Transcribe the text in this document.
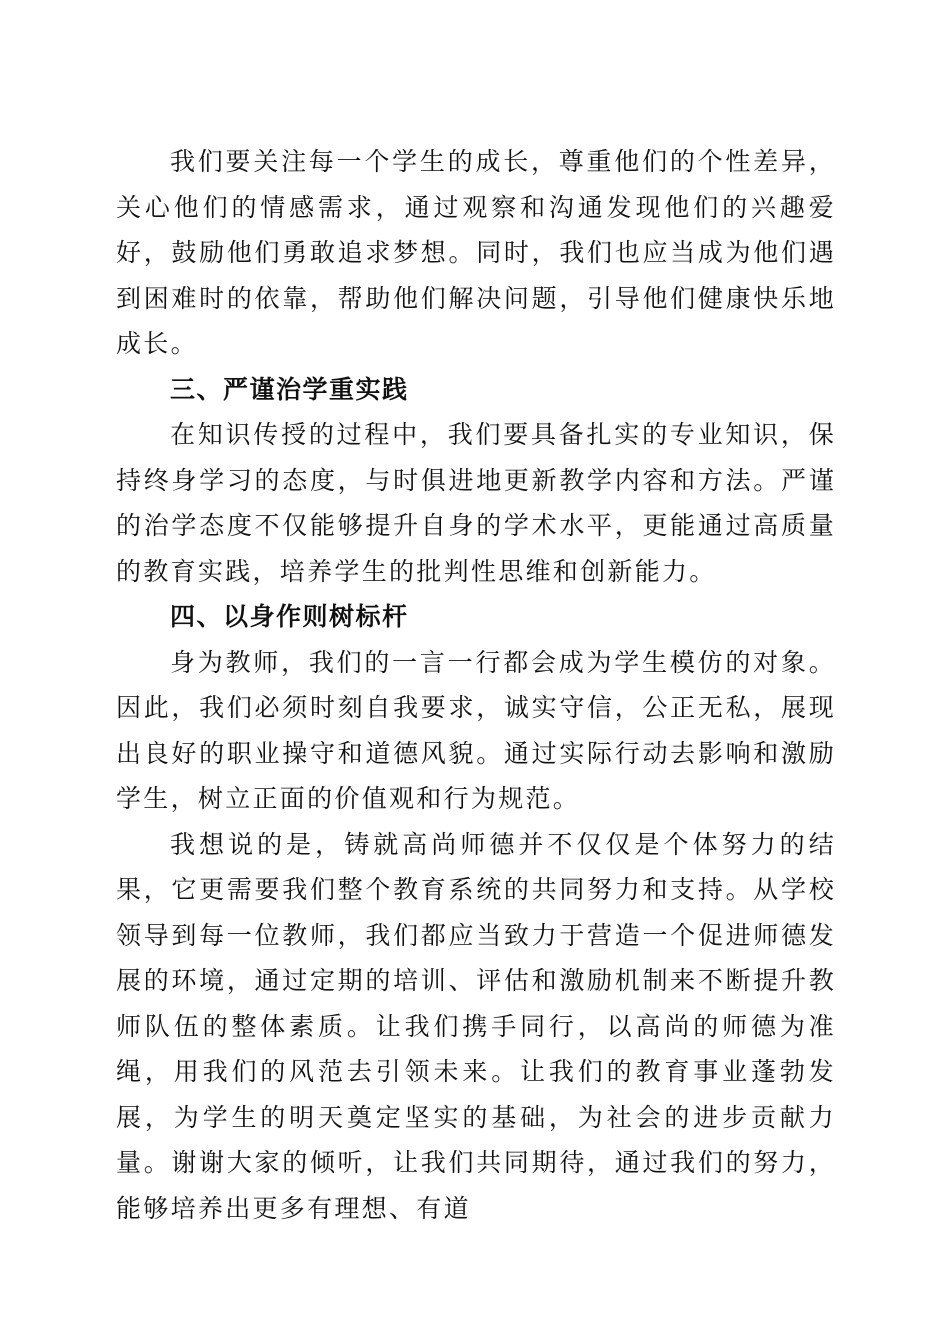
我们要关注每一个学生的成长，尊重他们的个性差异，关心他们的情感需求，通过观察和沟通发现他们的兴趣爱好，鼓励他们勇敢追求梦想。同时，我们也应当成为他们遇到困难时的依靠，帮助他们解决问题，引导他们健康快乐地成长。

三、严谨治学重实践

在知识传授的过程中，我们要具备扎实的专业知识，保持终身学习的态度，与时俱进地更新教学内容和方法。严谨的治学态度不仅能够提升自身的学术水平，更能通过高质量的教育实践，培养学生的批判性思维和创新能力。

四、以身作则树标杆

身为教师，我们的一言一行都会成为学生模仿的对象。因此，我们必须时刻自我要求，诚实守信，公正无私，展现出良好的职业操守和道德风貌。通过实际行动去影响和激励学生，树立正面的价值观和行为规范。

我想说的是，铸就高尚师德并不仅仅是个体努力的结果，它更需要我们整个教育系统的共同努力和支持。从学校领导到每一位教师，我们都应当致力于营造一个促进师德发展的环境，通过定期的培训、评估和激励机制来不断提升教师队伍的整体素质。让我们携手同行，以高尚的师德为准绳，用我们的风范去引领未来。让我们的教育事业蓬勃发展，为学生的明天奠定坚实的基础，为社会的进步贡献力量。谢谢大家的倾听，让我们共同期待，通过我们的努力，能够培养出更多有理想、有道
